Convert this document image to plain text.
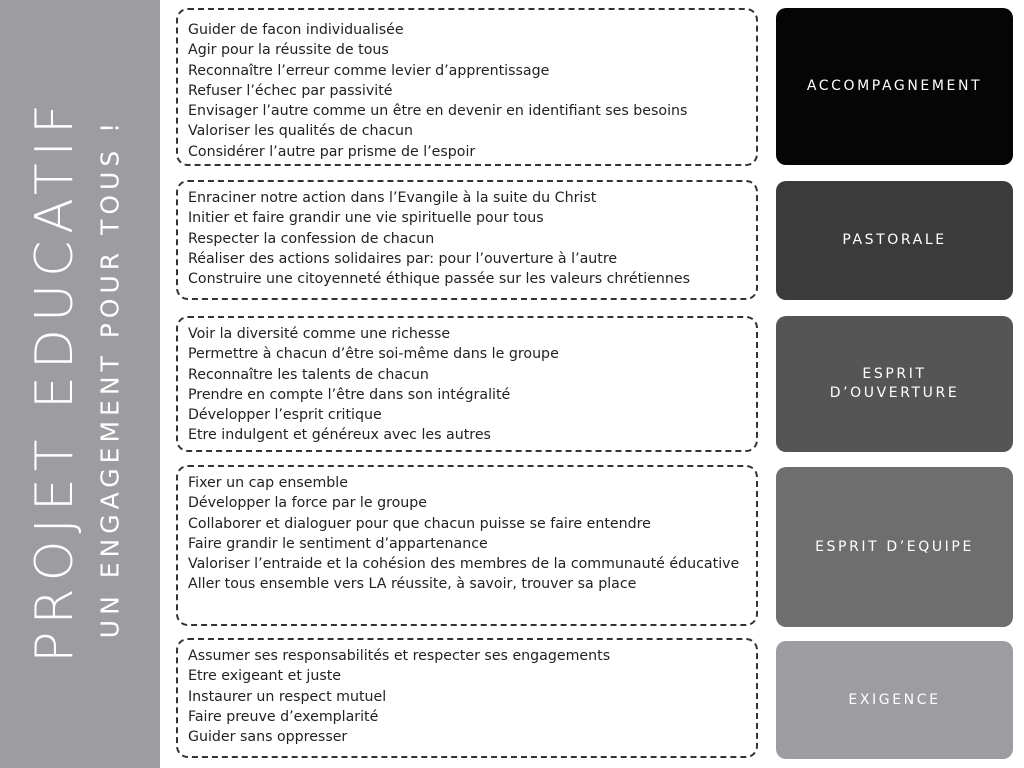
PROJET EDUCATIF UN ENGAGEMENT POUR TOUS !
Guider de facon individualisée
Agir pour la réussite de tous
Reconnaître l’erreur comme levier d’apprentissage
Refuser l’échec par passivité
Envisager l’autre comme un être en devenir en identifiant ses besoins
Valoriser les qualités de chacun
Considérer l’autre par prisme de l’espoir
ACCOMPAGNEMENT
Enraciner notre action dans l’Evangile à la suite du Christ
Initier et faire grandir une vie spirituelle pour tous
Respecter la confession de chacun
Réaliser des actions solidaires par: pour l’ouverture à l’autre
Construire une citoyenneté éthique passée sur les valeurs chrétiennes
PASTORALE
Voir la diversité comme une richesse
Permettre à chacun d’être soi-même dans le groupe
Reconnaître les talents de chacun
Prendre en compte l’être dans son intégralité
Développer l’esprit critique
Etre indulgent et généreux avec les autres
ESPRIT
D’OUVERTURE
Fixer un cap ensemble
Développer la force par le groupe
Collaborer et dialoguer pour que chacun puisse se faire entendre
Faire grandir le sentiment d’appartenance
Valoriser l’entraide et la cohésion des membres de la communauté éducative
Aller tous ensemble vers LA réussite, à savoir, trouver sa place
ESPRIT D’EQUIPE
Assumer ses responsabilités et respecter ses engagements
Etre exigeant et juste
Instaurer un respect mutuel
Faire preuve d’exemplarité
Guider sans oppresser
EXIGENCE
